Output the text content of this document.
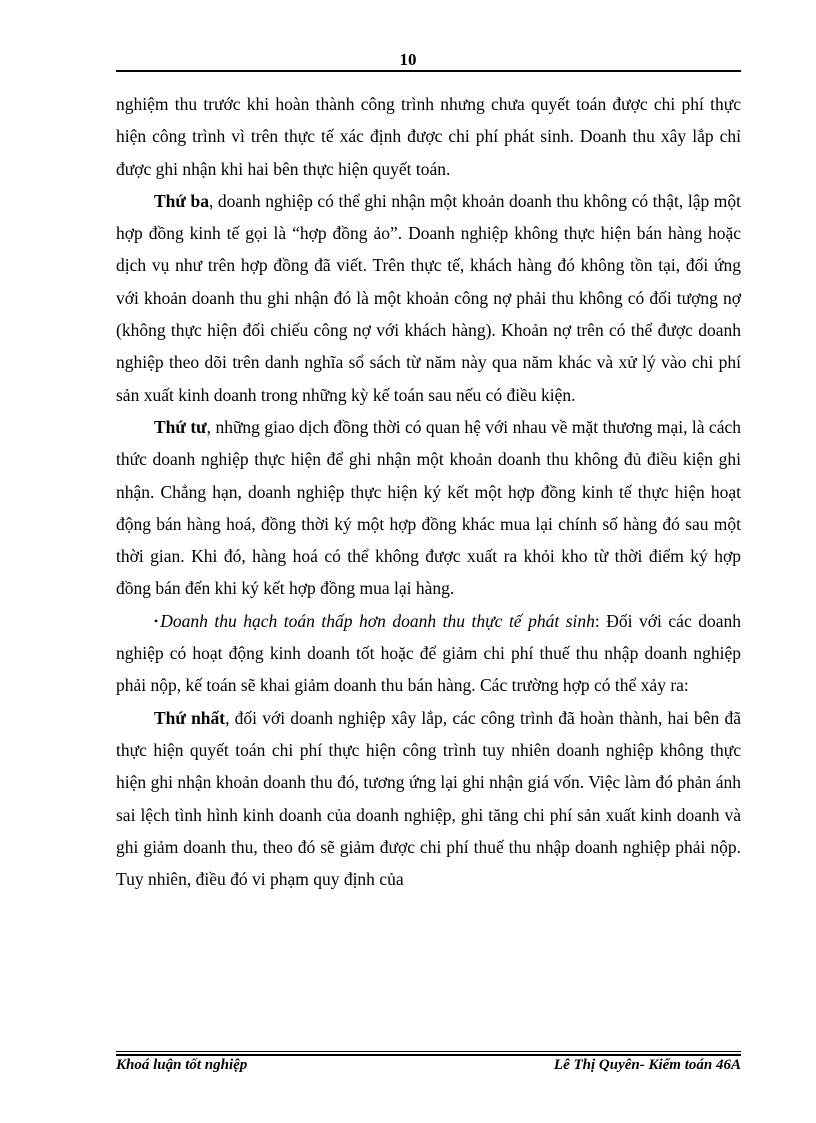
10

nghiệm thu trước khi hoàn thành công trình nhưng chưa quyết toán được chi phí thực hiện công trình vì trên thực tế xác định được chi phí phát sinh. Doanh thu xây lắp chỉ được ghi nhận khi hai bên thực hiện quyết toán.

Thứ ba, doanh nghiệp có thể ghi nhận một khoản doanh thu không có thật, lập một hợp đồng kinh tế gọi là “hợp đồng ảo”. Doanh nghiệp không thực hiện bán hàng hoặc dịch vụ như trên hợp đồng đã viết. Trên thực tế, khách hàng đó không tồn tại, đối ứng với khoản doanh thu ghi nhận đó là một khoản công nợ phải thu không có đối tượng nợ (không thực hiện đối chiếu công nợ với khách hàng). Khoản nợ trên có thể được doanh nghiệp theo dõi trên danh nghĩa sổ sách từ năm này qua năm khác và xử lý vào chi phí sản xuất kinh doanh trong những kỳ kế toán sau nếu có điều kiện.

Thứ tư, những giao dịch đồng thời có quan hệ với nhau về mặt thương mại, là cách thức doanh nghiệp thực hiện để ghi nhận một khoản doanh thu không đủ điều kiện ghi nhận. Chẳng hạn, doanh nghiệp thực hiện ký kết một hợp đồng kinh tế thực hiện hoạt động bán hàng hoá, đồng thời ký một hợp đồng khác mua lại chính số hàng đó sau một thời gian. Khi đó, hàng hoá có thể không được xuất ra khỏi kho từ thời điểm ký hợp đồng bán đến khi ký kết hợp đồng mua lại hàng.

• Doanh thu hạch toán thấp hơn doanh thu thực tế phát sinh: Đối với các doanh nghiệp có hoạt động kinh doanh tốt hoặc để giảm chi phí thuế thu nhập doanh nghiệp phải nộp, kế toán sẽ khai giảm doanh thu bán hàng. Các trường hợp có thể xảy ra:

Thứ nhất, đối với doanh nghiệp xây lắp, các công trình đã hoàn thành, hai bên đã thực hiện quyết toán chi phí thực hiện công trình tuy nhiên doanh nghiệp không thực hiện ghi nhận khoản doanh thu đó, tương ứng lại ghi nhận giá vốn. Việc làm đó phản ánh sai lệch tình hình kinh doanh của doanh nghiệp, ghi tăng chi phí sản xuất kinh doanh và ghi giảm doanh thu, theo đó sẽ giảm được chi phí thuế thu nhập doanh nghiệp phải nộp. Tuy nhiên, điều đó vi phạm quy định của

Khoá luận tốt nghiệp	Lê Thị Quyên- Kiểm toán 46A
